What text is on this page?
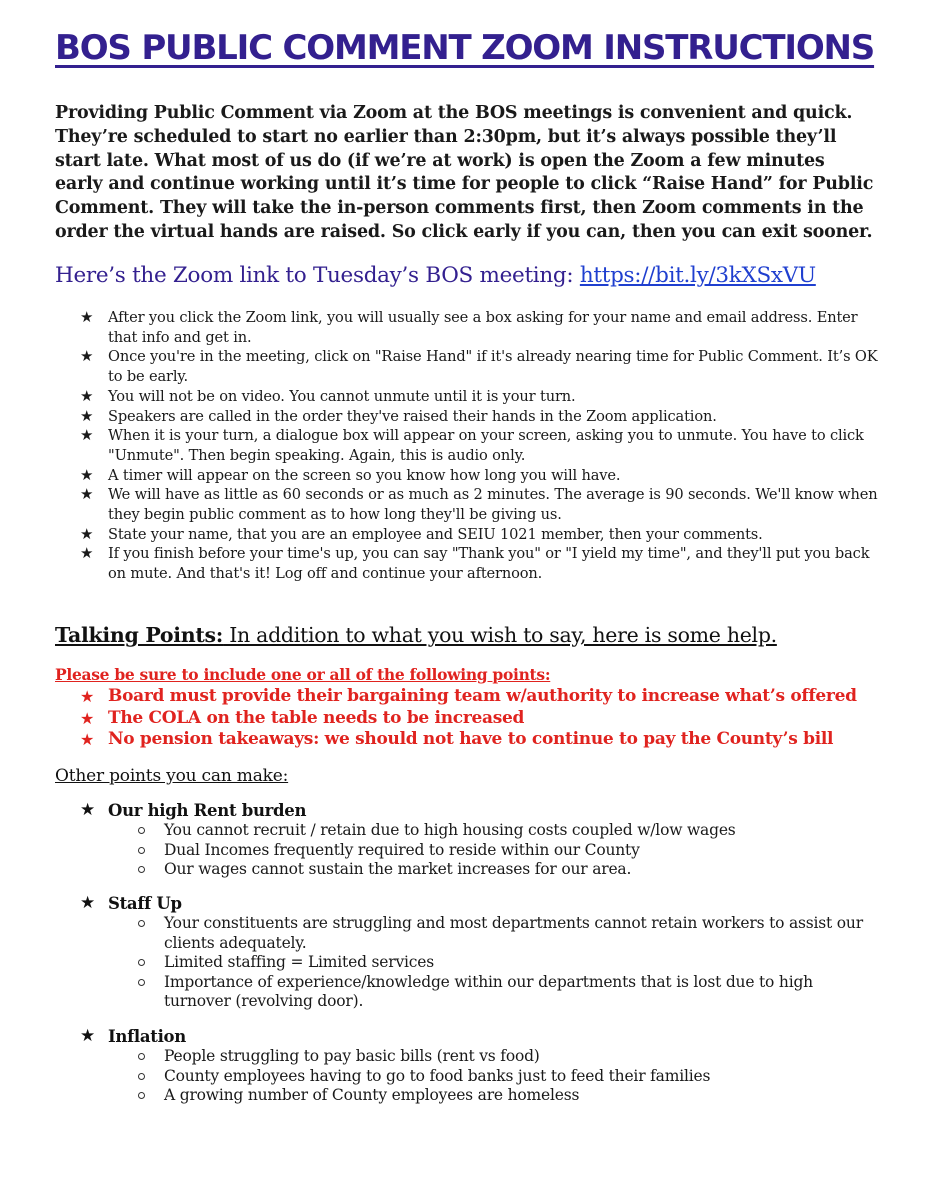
BOS PUBLIC COMMENT ZOOM INSTRUCTIONS

Providing Public Comment via Zoom at the BOS meetings is convenient and quick. They’re scheduled to start no earlier than 2:30pm, but it’s always possible they’ll start late. What most of us do (if we’re at work) is open the Zoom a few minutes early and continue working until it’s time for people to click “Raise Hand” for Public Comment. They will take the in-person comments first, then Zoom comments in the order the virtual hands are raised. So click early if you can, then you can exit sooner.

Here’s the Zoom link to Tuesday’s BOS meeting: https://bit.ly/3kXSxVU

★ After you click the Zoom link, you will usually see a box asking for your name and email address. Enter that info and get in.
★ Once you're in the meeting, click on "Raise Hand" if it's already nearing time for Public Comment. It’s OK to be early.
★ You will not be on video. You cannot unmute until it is your turn.
★ Speakers are called in the order they've raised their hands in the Zoom application.
★ When it is your turn, a dialogue box will appear on your screen, asking you to unmute. You have to click "Unmute". Then begin speaking. Again, this is audio only.
★ A timer will appear on the screen so you know how long you will have.
★ We will have as little as 60 seconds or as much as 2 minutes. The average is 90 seconds. We'll know when they begin public comment as to how long they'll be giving us.
★ State your name, that you are an employee and SEIU 1021 member, then your comments.
★ If you finish before your time's up, you can say "Thank you" or "I yield my time", and they'll put you back on mute. And that's it! Log off and continue your afternoon.

Talking Points: In addition to what you wish to say, here is some help.

Please be sure to include one or all of the following points:

★ Board must provide their bargaining team w/authority to increase what’s offered
★ The COLA on the table needs to be increased
★ No pension takeaways: we should not have to continue to pay the County’s bill

Other points you can make:

★ Our high Rent burden

You cannot recruit / retain due to high housing costs coupled w/low wages
Dual Incomes frequently required to reside within our County
Our wages cannot sustain the market increases for our area.

★ Staff Up

Your constituents are struggling and most departments cannot retain workers to assist our clients adequately.
Limited staffing = Limited services
Importance of experience/knowledge within our departments that is lost due to high turnover (revolving door).

★ Inflation

People struggling to pay basic bills (rent vs food)
County employees having to go to food banks just to feed their families
A growing number of County employees are homeless
